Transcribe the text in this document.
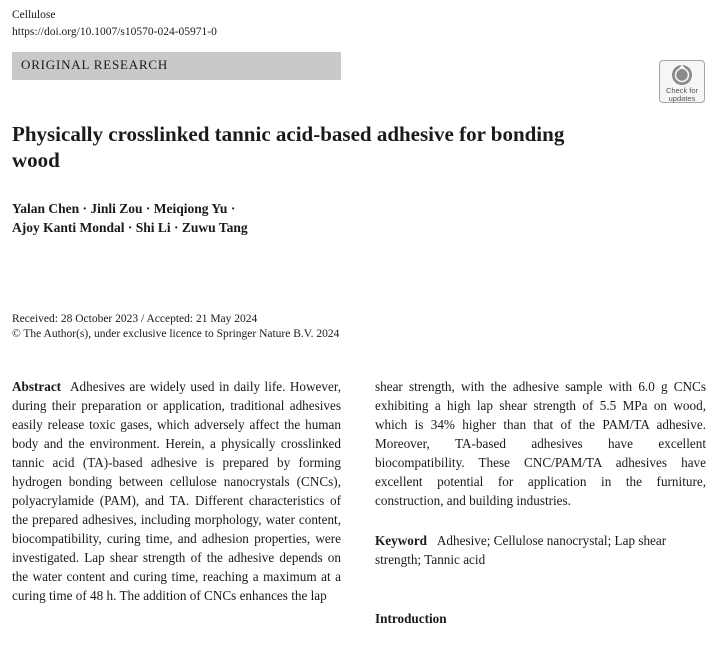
Cellulose
https://doi.org/10.1007/s10570-024-05971-0
ORIGINAL RESEARCH
Check for
updates
Physically crosslinked tannic acid-based adhesive for bonding wood
Yalan Chen · Jinli Zou · Meiqiong Yu ·
Ajoy Kanti Mondal · Shi Li · Zuwu Tang
Received: 28 October 2023 / Accepted: 21 May 2024
© The Author(s), under exclusive licence to Springer Nature B.V. 2024
Abstract Adhesives are widely used in daily life. However, during their preparation or application, traditional adhesives easily release toxic gases, which adversely affect the human body and the environment. Herein, a physically crosslinked tannic acid (TA)-based adhesive is prepared by forming hydrogen bonding between cellulose nanocrystals (CNCs), polyacrylamide (PAM), and TA. Different characteristics of the prepared adhesives, including morphology, water content, biocompatibility, curing time, and adhesion properties, were investigated. Lap shear strength of the adhesive depends on the water content and curing time, reaching a maximum at a curing time of 48 h. The addition of CNCs enhances the lap
shear strength, with the adhesive sample with 6.0 g CNCs exhibiting a high lap shear strength of 5.5 MPa on wood, which is 34% higher than that of the PAM/TA adhesive. Moreover, TA-based adhesives have excellent biocompatibility. These CNC/PAM/TA adhesives have excellent potential for application in the furniture, construction, and building industries.
Keyword Adhesive; Cellulose nanocrystal; Lap shear strength; Tannic acid
Introduction
